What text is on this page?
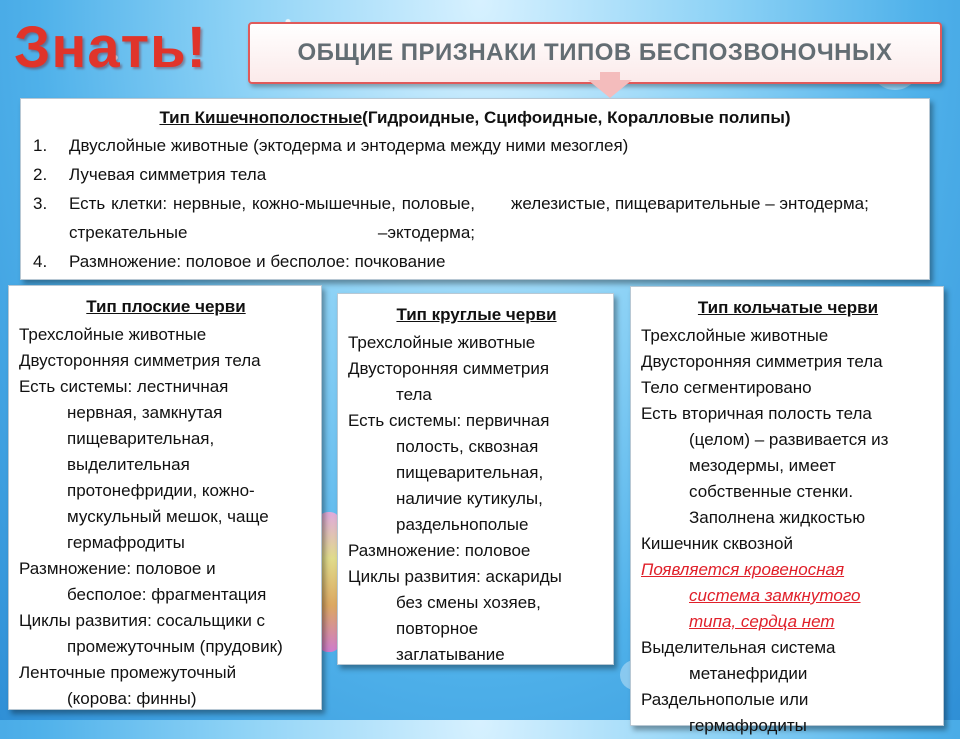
Знать!	ОБЩИЕ ПРИЗНАКИ ТИПОВ БЕСПОЗВОНОЧНЫХ
Тип Кишечнополостные(Гидроидные, Сцифоидные, Коралловые полипы)
1.	Двуслойные животные (эктодерма и энтодерма между ними мезоглея)
2.	Лучевая симметрия тела
3.	Есть клетки: нервные, кожно-мышечные, половые, стрекательные –эктодерма;
железистые, пищеварительные – энтодерма;
4.	Размножение: половое и бесполое: почкование
Тип плоские черви
Трехслойные животные
Двусторонняя симметрия тела
Есть системы: лестничная
нервная, замкнутая
пищеварительная,
выделительная
протонефридии, кожно-
мускульный мешок, чаще
гермафродиты
Размножение: половое и
бесполое: фрагментация
Циклы развития: сосальщики с
промежуточным (прудовик)
Ленточные промежуточный
(корова: финны)
Тип круглые черви
Трехслойные животные
Двусторонняя симметрия
тела
Есть системы: первичная
полость, сквозная
пищеварительная,
наличие кутикулы,
раздельнополые
Размножение: половое
Циклы развития: аскариды
без смены хозяев,
повторное
заглатывание
Тип кольчатые черви
Трехслойные животные
Двусторонняя симметрия тела
Тело сегментировано
Есть вторичная полость тела
(целом) – развивается из
мезодермы, имеет
собственные стенки.
Заполнена жидкостью
Кишечник сквозной
Появляется кровеносная
система замкнутого
типа, сердца нет
Выделительная система
метанефридии
Раздельнополые или
гермафродиты
